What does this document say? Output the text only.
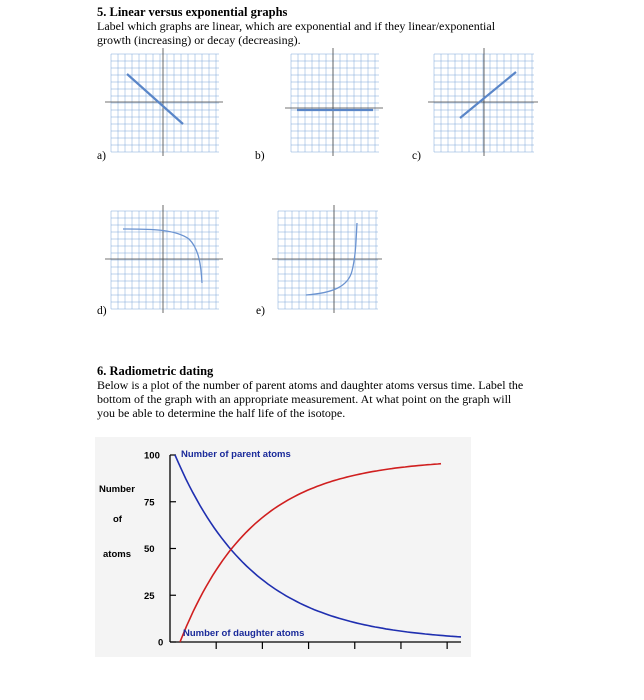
5. Linear versus exponential graphs

Label which graphs are linear, which are exponential and if they linear/exponential

growth (increasing) or decay (decreasing).

a)	b)	c)
d)	e)

6. Radiometric dating

Below is a plot of the number of parent atoms and daughter atoms versus time. Label the

bottom of the graph with an appropriate measurement. At what point on the graph will

you be able to determine the half life of the isotope.

Number
of
atoms
100
75
50
25
0
Number of parent atoms
Number of daughter atoms
